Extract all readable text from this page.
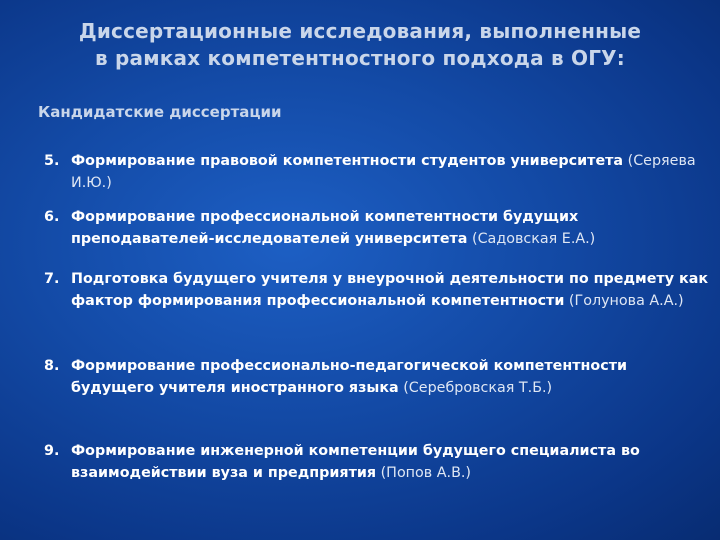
Диссертационные исследования, выполненные
в рамках компетентностного подхода в ОГУ:
Кандидатские диссертации
5. Формирование правовой компетентности студентов университета (Серяева И.Ю.)
6. Формирование профессиональной компетентности будущих преподавателей-исследователей университета (Садовская Е.А.)
7. Подготовка будущего учителя у внеурочной деятельности по предмету как фактор формирования профессиональной компетентности (Голунова А.А.)
8. Формирование профессионально-педагогической компетентности будущего учителя иностранного языка (Серебровская Т.Б.)
9. Формирование инженерной компетенции будущего специалиста во взаимодействии вуза и предприятия (Попов А.В.)
